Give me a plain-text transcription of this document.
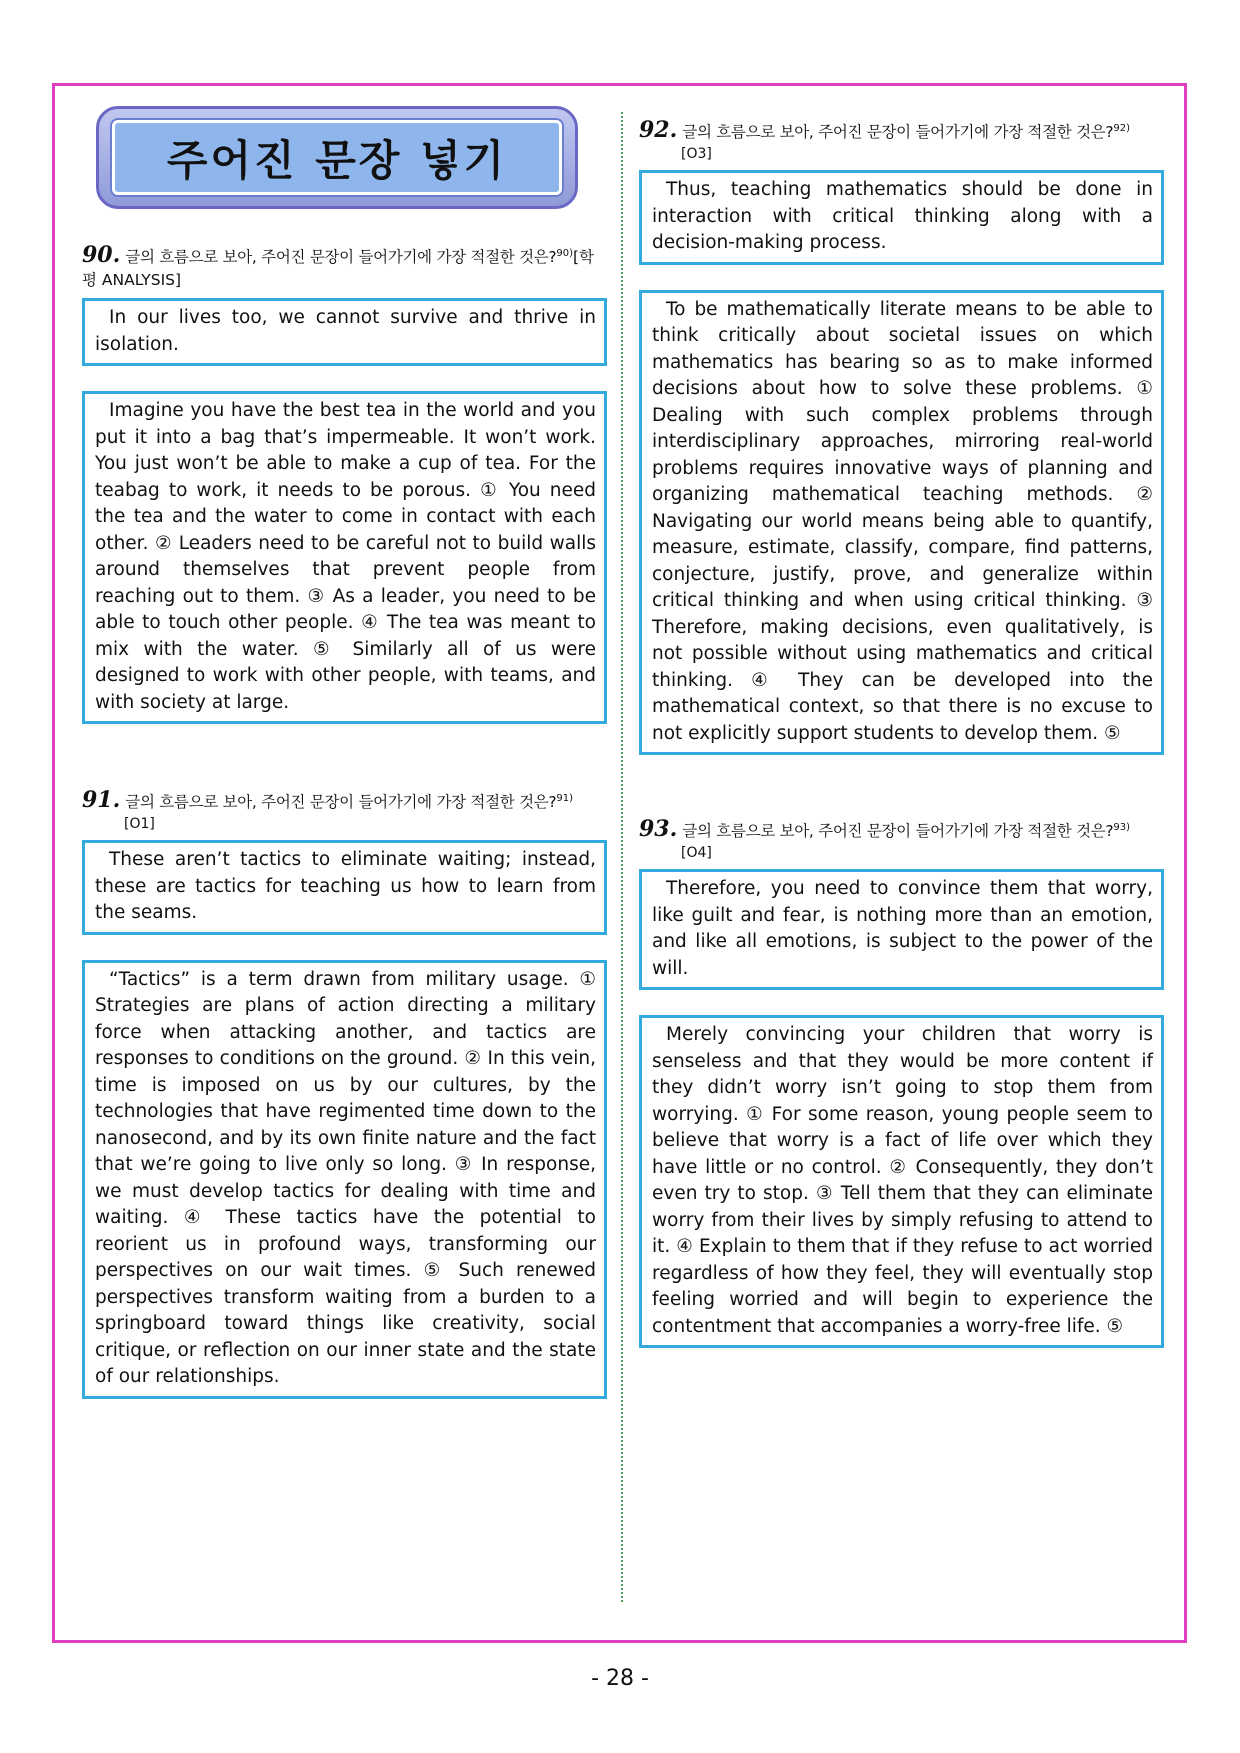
주어진 문장 넣기
90. 글의 흐름으로 보아, 주어진 문장이 들어가기에 가장 적절한 것은?$^{90)}$[학평 ANALYSIS]
In our lives too, we cannot survive and thrive in isolation.
Imagine you have the best tea in the world and you put it into a bag that’s impermeable. It won’t work. You just won’t be able to make a cup of tea. For the teabag to work, it needs to be porous. ① You need the tea and the water to come in contact with each other. ② Leaders need to be careful not to build walls around themselves that prevent people from reaching out to them. ③ As a leader, you need to be able to touch other people. ④ The tea was meant to mix with the water. ⑤ Similarly all of us were designed to work with other people, with teams, and with society at large.
91. 글의 흐름으로 보아, 주어진 문장이 들어가기에 가장 적절한 것은?$^{91)}$
[O1]
These aren’t tactics to eliminate waiting; instead, these are tactics for teaching us how to learn from the seams.
“Tactics” is a term drawn from military usage. ① Strategies are plans of action directing a military force when attacking another, and tactics are responses to conditions on the ground. ② In this vein, time is imposed on us by our cultures, by the technologies that have regimented time down to the nanosecond, and by its own finite nature and the fact that we’re going to live only so long. ③ In response, we must develop tactics for dealing with time and waiting. ④ These tactics have the potential to reorient us in profound ways, transforming our perspectives on our wait times. ⑤ Such renewed perspectives transform waiting from a burden to a springboard toward things like creativity, social critique, or reflection on our inner state and the state of our relationships.
92. 글의 흐름으로 보아, 주어진 문장이 들어가기에 가장 적절한 것은?$^{92)}$
[O3]
Thus, teaching mathematics should be done in interaction with critical thinking along with a decision-making process.
To be mathematically literate means to be able to think critically about societal issues on which mathematics has bearing so as to make informed decisions about how to solve these problems. ① Dealing with such complex problems through interdisciplinary approaches, mirroring real-world problems requires innovative ways of planning and organizing mathematical teaching methods. ② Navigating our world means being able to quantify, measure, estimate, classify, compare, find patterns, conjecture, justify, prove, and generalize within critical thinking and when using critical thinking. ③ Therefore, making decisions, even qualitatively, is not possible without using mathematics and critical thinking. ④ They can be developed into the mathematical context, so that there is no excuse to not explicitly support students to develop them. ⑤
93. 글의 흐름으로 보아, 주어진 문장이 들어가기에 가장 적절한 것은?$^{93)}$
[O4]
Therefore, you need to convince them that worry, like guilt and fear, is nothing more than an emotion, and like all emotions, is subject to the power of the will.
Merely convincing your children that worry is senseless and that they would be more content if they didn’t worry isn’t going to stop them from worrying. ① For some reason, young people seem to believe that worry is a fact of life over which they have little or no control. ② Consequently, they don’t even try to stop. ③ Tell them that they can eliminate worry from their lives by simply refusing to attend to it. ④ Explain to them that if they refuse to act worried regardless of how they feel, they will eventually stop feeling worried and will begin to experience the contentment that accompanies a worry-free life. ⑤
- 28 -
